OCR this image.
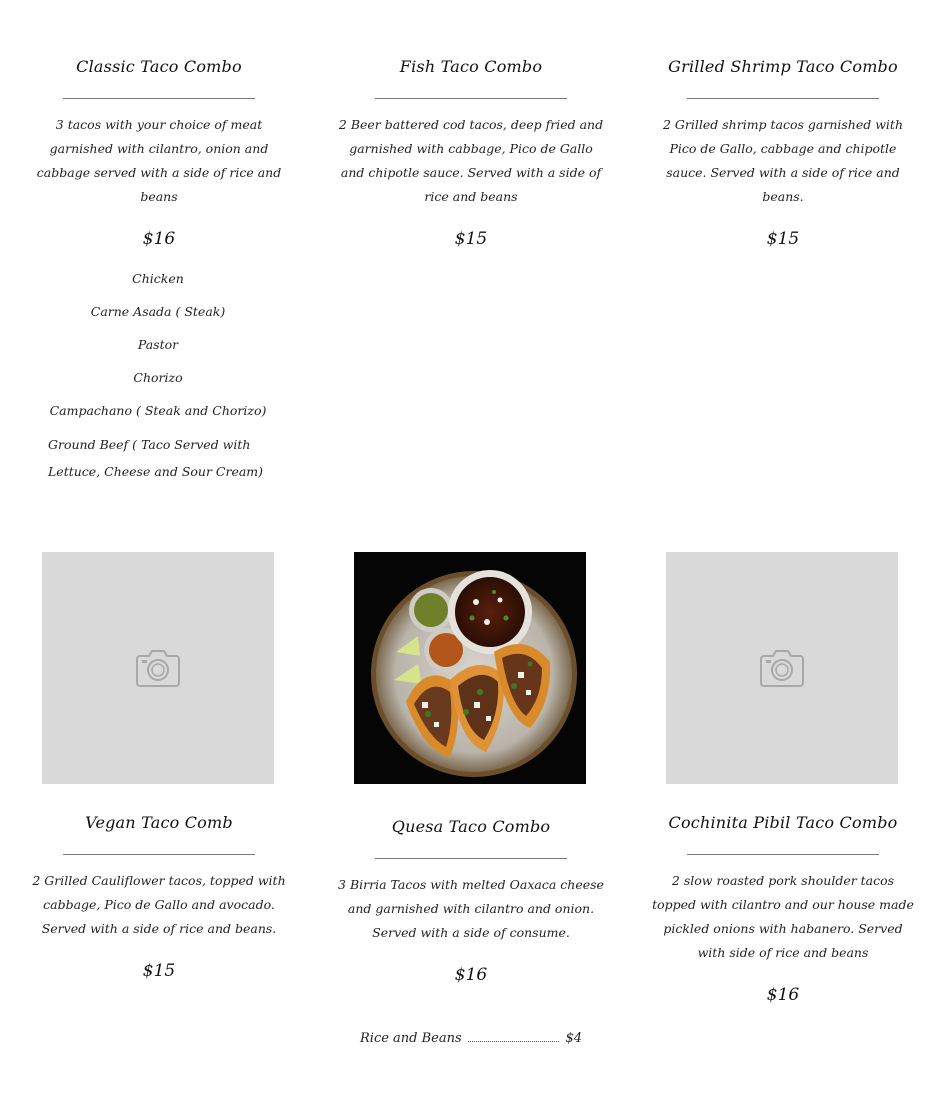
Classic Taco Combo
3 tacos with your choice of meat garnished with cilantro, onion and cabbage served with a side of rice and beans
$16
Chicken
Carne Asada ( Steak)
Pastor
Chorizo
Campachano ( Steak and Chorizo)
Ground Beef ( Taco Served with Lettuce, Cheese and Sour Cream)
Fish Taco Combo
2 Beer battered cod tacos, deep fried and garnished with cabbage, Pico de Gallo and chipotle sauce. Served with a side of rice and beans
$15
Grilled Shrimp Taco Combo
2 Grilled shrimp tacos garnished with Pico de Gallo, cabbage and chipotle sauce. Served with a side of rice and beans.
$15
Vegan Taco Comb
2 Grilled Cauliflower tacos, topped with cabbage, Pico de Gallo and avocado. Served with a side of rice and beans.
$15
Quesa Taco Combo
3 Birria Tacos with melted Oaxaca cheese and garnished with cilantro and onion. Served with a side of consume.
$16
Cochinita Pibil Taco Combo
2 slow roasted pork shoulder tacos topped with cilantro and our house made pickled onions with habanero. Served with side of rice and beans
$16
Rice and Beans	$4
